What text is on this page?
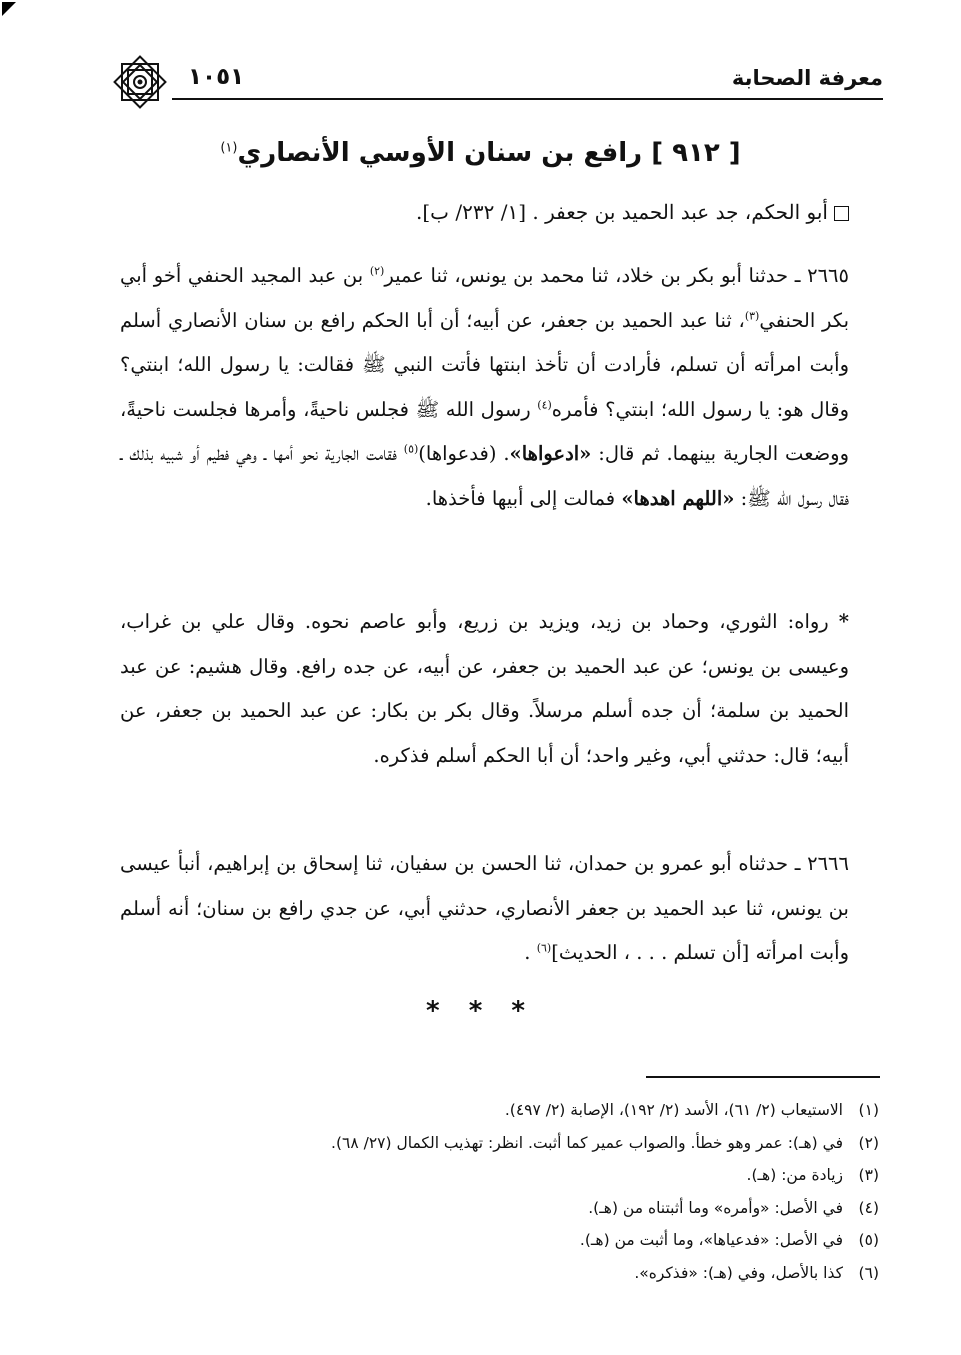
١٠٥١	معرفة الصحابة
[ ٩١٢ ] رافع بن سنان الأوسي الأنصاري$^{(١)}$
أبو الحكم، جد عبد الحميد بن جعفر . [١/ ٢٣٢/ ب].
٢٦٦٥ ـ حدثنا أبو بكر بن خلاد، ثنا محمد بن يونس، ثنا عمير$^{(٢)}$ بن عبد المجيد الحنفي أخو أبي بكر الحنفي$^{(٣)}$، ثنا عبد الحميد بن جعفر، عن أبيه؛ أن أبا الحكم رافع بن سنان الأنصاري أسلم وأبت امرأته أن تسلم، فأرادت أن تأخذ ابنتها فأتت النبي ﷺ فقالت: يا رسول الله؛ ابنتي؟ وقال هو: يا رسول الله؛ ابنتي؟ فأمره$^{(٤)}$ رسول الله ﷺ فجلس ناحيةً، وأمرها فجلست ناحيةً، ووضعت الجارية بينهما. ثم قال: «ادعواها». (فدعواها)$^{(٥)}$ فقامت الجارية نحو أمها ـ وهي فطيم أو شبيه بذلك ـ فقال رسول الله ﷺ: «اللهم اهدها» فمالت إلى أبيها فأخذها.
* رواه: الثوري، وحماد بن زيد، ويزيد بن زريع، وأبو عاصم نحوه. وقال علي بن غراب، وعيسى بن يونس؛ عن عبد الحميد بن جعفر، عن أبيه، عن جده رافع. وقال هشيم: عن عبد الحميد بن سلمة؛ أن جده أسلم مرسلاً. وقال بكر بن بكار: عن عبد الحميد بن جعفر، عن أبيه؛ قال: حدثني أبي، وغير واحد؛ أن أبا الحكم أسلم فذكره.
٢٦٦٦ ـ حدثناه أبو عمرو بن حمدان، ثنا الحسن بن سفيان، ثنا إسحاق بن إبراهيم، أنبأ عيسى بن يونس، ثنا عبد الحميد بن جعفر الأنصاري، حدثني أبي، عن جدي رافع بن سنان؛ أنه أسلم وأبت امرأته [أن تسلم . . . ، الحديث]$^{(٦)}$ .
* * *
(١)الاستيعاب (٢/ ٦١)، الأسد (٢/ ١٩٢)، الإصابة (٢/ ٤٩٧).
(٢)في (هـ): عمر وهو خطأ. والصواب عمير كما أثبت. انظر: تهذيب الكمال (٢٧/ ٦٨).
(٣)زيادة من: (هـ).
(٤)في الأصل: «وأمره» وما أثبتناه من (هـ).
(٥)في الأصل: «فدعياها»، وما أثبت من (هـ).
(٦)كذا بالأصل، وفي (هـ): «فذكره».
